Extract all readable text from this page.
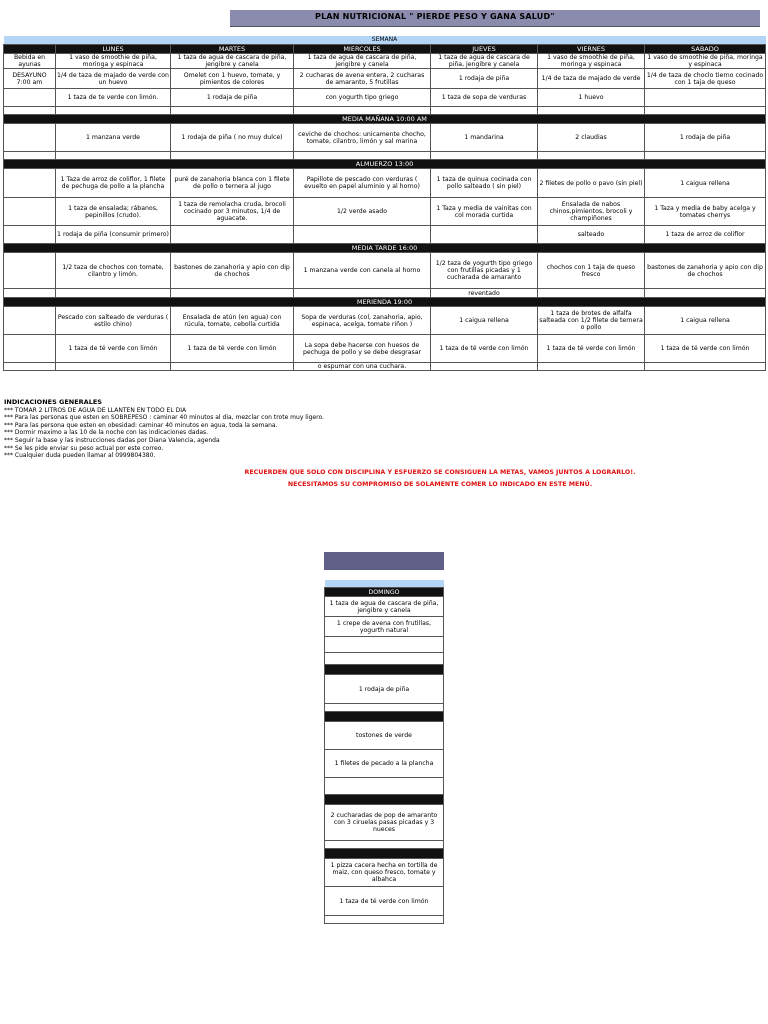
PLAN NUTRICIONAL " PIERDE PESO Y GANA SALUD"
SEMANA						
	LUNES	MARTES	MIERCOLES	JUEVES	VIERNES	SABADO
Bebida en ayunas	1 vaso de smoothie de piña, moringa y espinaca	1 taza de agua de cascara de piña, jengibre y canela	1 taza de agua de cascara de piña, jengibre y canela	1 taza de agua de cascara de piña, jengibre y canela	1 vaso de smoothie de piña, moringa y espinaca	1 vaso de smoothie de piña, moringa y espinaca
DESAYUNO 7:00 am	1/4 de taza de majado de verde con un huevo	Omelet con 1 huevo, tomate, y pimientos de colores	2 cucharas de avena entera, 2 cucharas de amaranto, 5 frutillas	1 rodaja de piña	1/4 de taza de majado de verde	1/4 de taza de choclo tierno cocinado con 1 taja de queso
	1 taza de te verde con limón.	1 rodaja de piña	con yogurth tipo griego	1 taza de sopa de verduras	1 huevo	

MEDIA MAÑANA 10:00 AM						
	1 manzana verde	1 rodaja de piña ( no muy dulce)	ceviche de chochos: unicamente chocho, tomate, cilantro, limón y sal marina	1 mandarina	2 claudias	1 rodaja de piña

ALMUERZO 13:00						
	1 Taza de arroz de coliflor, 1 filete de pechuga de pollo a la plancha	puré de zanahoria blanca con 1 filete de pollo o ternera al jugo	Papillote de pescado con verduras ( evuelto en papel aluminio y al horno)	1 taza de quinua cocinada con pollo salteado ( sin piel)	2 filetes de pollo o pavo (sin piel)	1 caigua rellena
	1 taza de ensalada; rábanos, pepinillos (crudo).	1 taza de remolacha cruda, brocoli cocinado por 3 minutos, 1/4 de aguacate.	1/2 verde asado	1 Taza y media de vainitas con col morada curtida	Ensalada de nabos chinos,pimientos, brocoli y champiñones	1 Taza y media de baby acelga y tomates cherrys
	1 rodaja de piña (consumir primero)				salteado	1 taza de arroz de coliflor
MEDIA TARDE 16:00						
	1/2 taza de chochos con tomate, cilantro y limón.	bastones de zanahoria y apio con dip de chochos	1 manzana verde con canela al horno	1/2 taza de yogurth tipo griego con frutillas picadas y 1 cucharada de amaranto	chochos con 1 taja de queso fresco	bastones de zanahoria y apio con dip de chochos
				reventado		
MERIENDA 19:00						
	Pescado con salteado de verduras ( estilo chino)	Ensalada de atún (en agua) con rúcula, tomate, cebolla curtida	Sopa de verduras (col, zanahoria, apio, espinaca, acelga, tomate riñon )	1 caigua rellena	1 taza de brotes de alfalfa salteada con 1/2 filete de ternera o pollo	1 caigua rellena
	1 taza de té verde con limón	1 taza de té verde con limón	La sopa debe hacerse con huesos de pechuga de pollo y se debe desgrasar	1 taza de té verde con limón	1 taza de té verde con limón	1 taza de té verde con limón
			o espumar con una cuchara.			
INDICACIONES GENERALES
*** TOMAR 2 LITROS DE AGUA DE LLANTEN EN TODO EL DIA
*** Para las personas que esten en SOBREPESO : caminar 40 minutos al dia, mezclar con trote muy ligero.
*** Para las persona que esten en obesidad: caminar 40 minutos en agua, toda la semana.
*** Dormir maximo a las 10 de la noche con las indicaciones dadas.
*** Seguir la base y las instrucciones dadas por Diana Valencia, agenda
*** Se les pide enviar su peso actual por este correo.
*** Cualquier duda pueden llamar al 0999804380.
RECUERDEN QUE SOLO CON DISCIPLINA Y ESFUERZO SE CONSIGUEN LA METAS, VAMOS JUNTOS A LOGRARLO!.
NECESITAMOS SU COMPROMISO DE SOLAMENTE COMER LO INDICADO EN ESTE MENÚ.

DOMINGO
1 taza de agua de cascara de piña, jengibre y canela
1 crepe de avena con frutillas, yogurth natural

1 rodaja de piña

tostones de verde
1 filetes de pecado a la plancha

2 cucharadas de pop de amaranto con 3 ciruelas pasas picadas y 3 nueces

1 pizza cacera hecha en tortilla de maiz, con queso fresco, tomate y albahca
1 taza de té verde con limón
